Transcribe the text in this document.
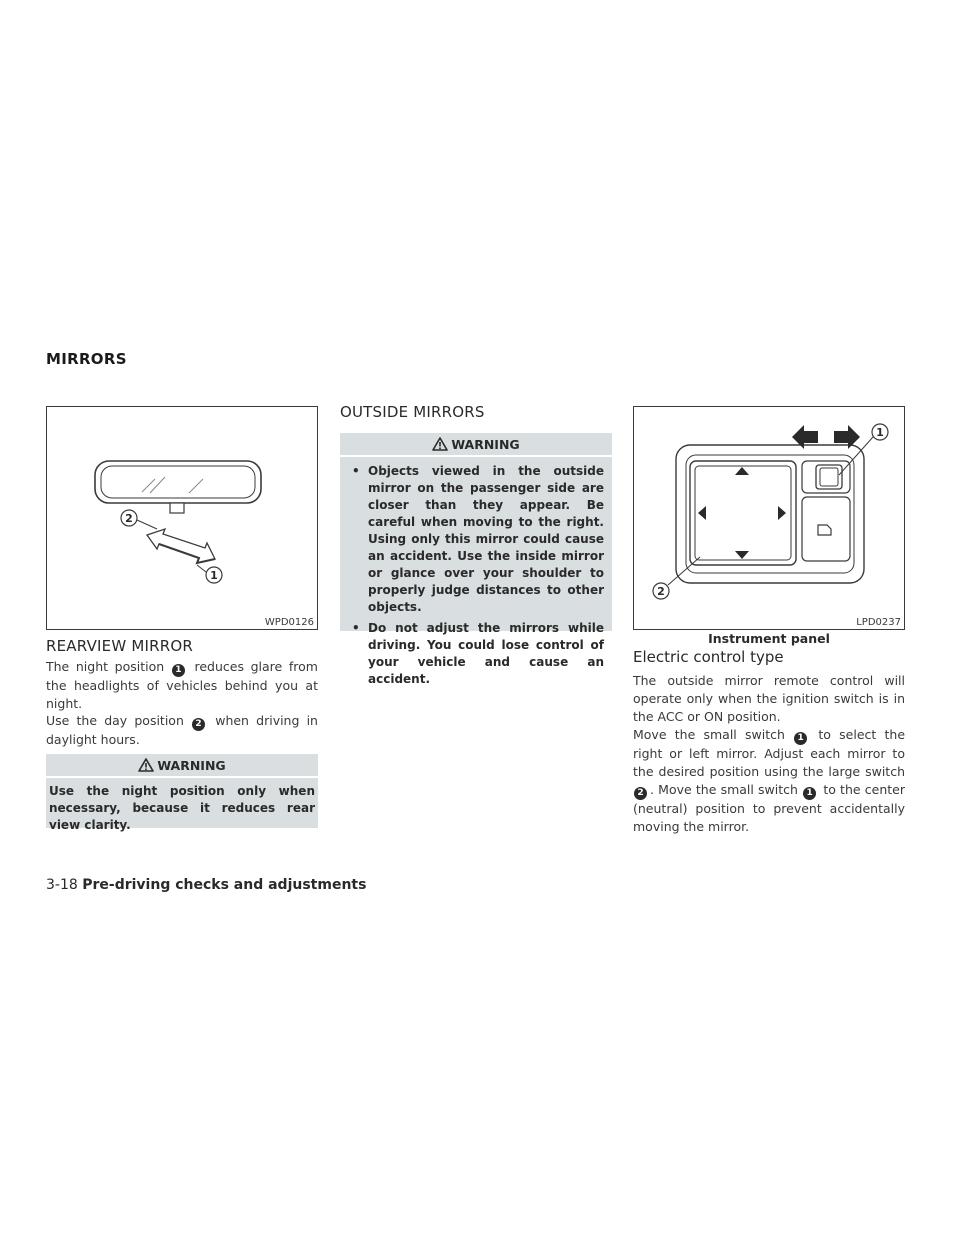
MIRRORS
2
1
WPD0126
REARVIEW MIRROR

The night position 1 reduces glare from the headlights of vehicles behind you at night.

Use the day position 2 when driving in daylight hours.

WARNING
Use the night position only when necessary, because it reduces rear view clarity.
OUTSIDE MIRRORS
WARNING
• Objects viewed in the outside mirror on the passenger side are closer than they appear. Be careful when moving to the right. Using only this mirror could cause an accident. Use the inside mirror or glance over your shoulder to properly judge distances to other objects.
• Do not adjust the mirrors while driving. You could lose control of your vehicle and cause an accident.
1
2
LPD0237
Instrument panel
Electric control type

The outside mirror remote control will operate only when the ignition switch is in the ACC or ON position.

Move the small switch 1 to select the right or left mirror. Adjust each mirror to the desired position using the large switch 2 . Move the small switch 1 to the center (neutral) position to prevent accidentally moving the mirror.

3-18 Pre-driving checks and adjustments
